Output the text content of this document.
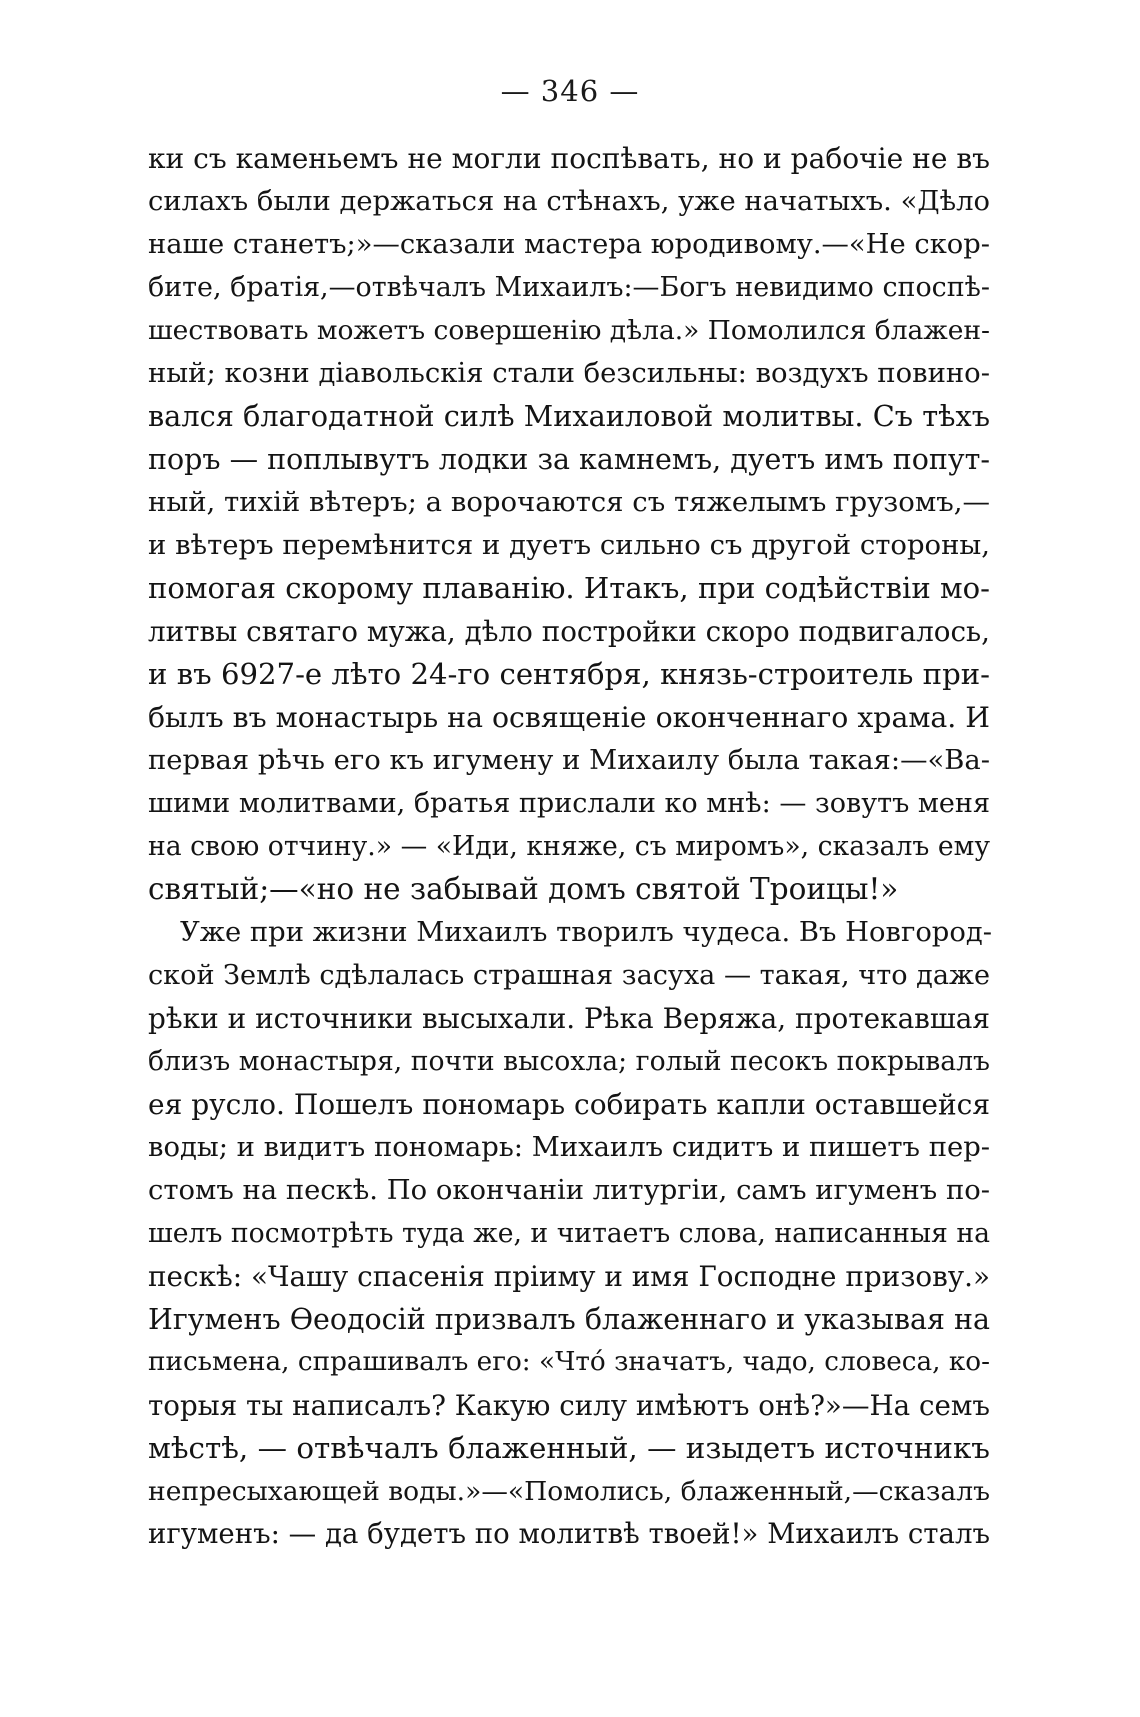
— 346 —
ки съ каменьемъ не могли поспѣвать, но и рабочіе не въ
силахъ были держаться на стѣнахъ, уже начатыхъ. «Дѣло
наше станетъ;»—сказали мастера юродивому.—«Не скор-
бите, братія,—отвѣчалъ Михаилъ:—Богъ невидимо споспѣ-
шествовать можетъ совершенію дѣла.» Помолился блажен-
ный; козни діавольскія стали безсильны: воздухъ повино-
вался благодатной силѣ Михаиловой молитвы. Съ тѣхъ
поръ — поплывутъ лодки за камнемъ, дуетъ имъ попут-
ный, тихій вѣтеръ; а ворочаются съ тяжелымъ грузомъ,—
и вѣтеръ перемѣнится и дуетъ сильно съ другой стороны,
помогая скорому плаванію. Итакъ, при содѣйствіи мо-
литвы святаго мужа, дѣло постройки скоро подвигалось,
и въ 6927-е лѣто 24-го сентября, князь-строитель при-
былъ въ монастырь на освященіе оконченнаго храма. И
первая рѣчь его къ игумену и Михаилу была такая:—«Ва-
шими молитвами, братья прислали ко мнѣ: — зовутъ меня
на свою отчину.» — «Иди, княже, съ миромъ», сказалъ ему
святый;—«но не забывай домъ святой Троицы!»
Уже при жизни Михаилъ творилъ чудеса. Въ Новгород-
ской Землѣ сдѣлалась страшная засуха — такая, что даже
рѣки и источники высыхали. Рѣка Веряжа, протекавшая
близъ монастыря, почти высохла; голый песокъ покрывалъ
ея русло. Пошелъ пономарь собирать капли оставшейся
воды; и видитъ пономарь: Михаилъ сидитъ и пишетъ пер-
стомъ на пескѣ. По окончаніи литургіи, самъ игуменъ по-
шелъ посмотрѣть туда же, и читаетъ слова, написанныя на
пескѣ: «Чашу спасенія пріиму и имя Господне призову.»
Игуменъ Ѳеодосій призвалъ блаженнаго и указывая на
письмена, спрашивалъ его: «Чтó значатъ, чадо, словеса, ко-
торыя ты написалъ? Какую силу имѣютъ онѣ?»—На семъ
мѣстѣ, — отвѣчалъ блаженный, — изыдетъ источникъ
непресыхающей воды.»—«Помолись, блаженный,—сказалъ
игуменъ: — да будетъ по молитвѣ твоей!» Михаилъ сталъ
